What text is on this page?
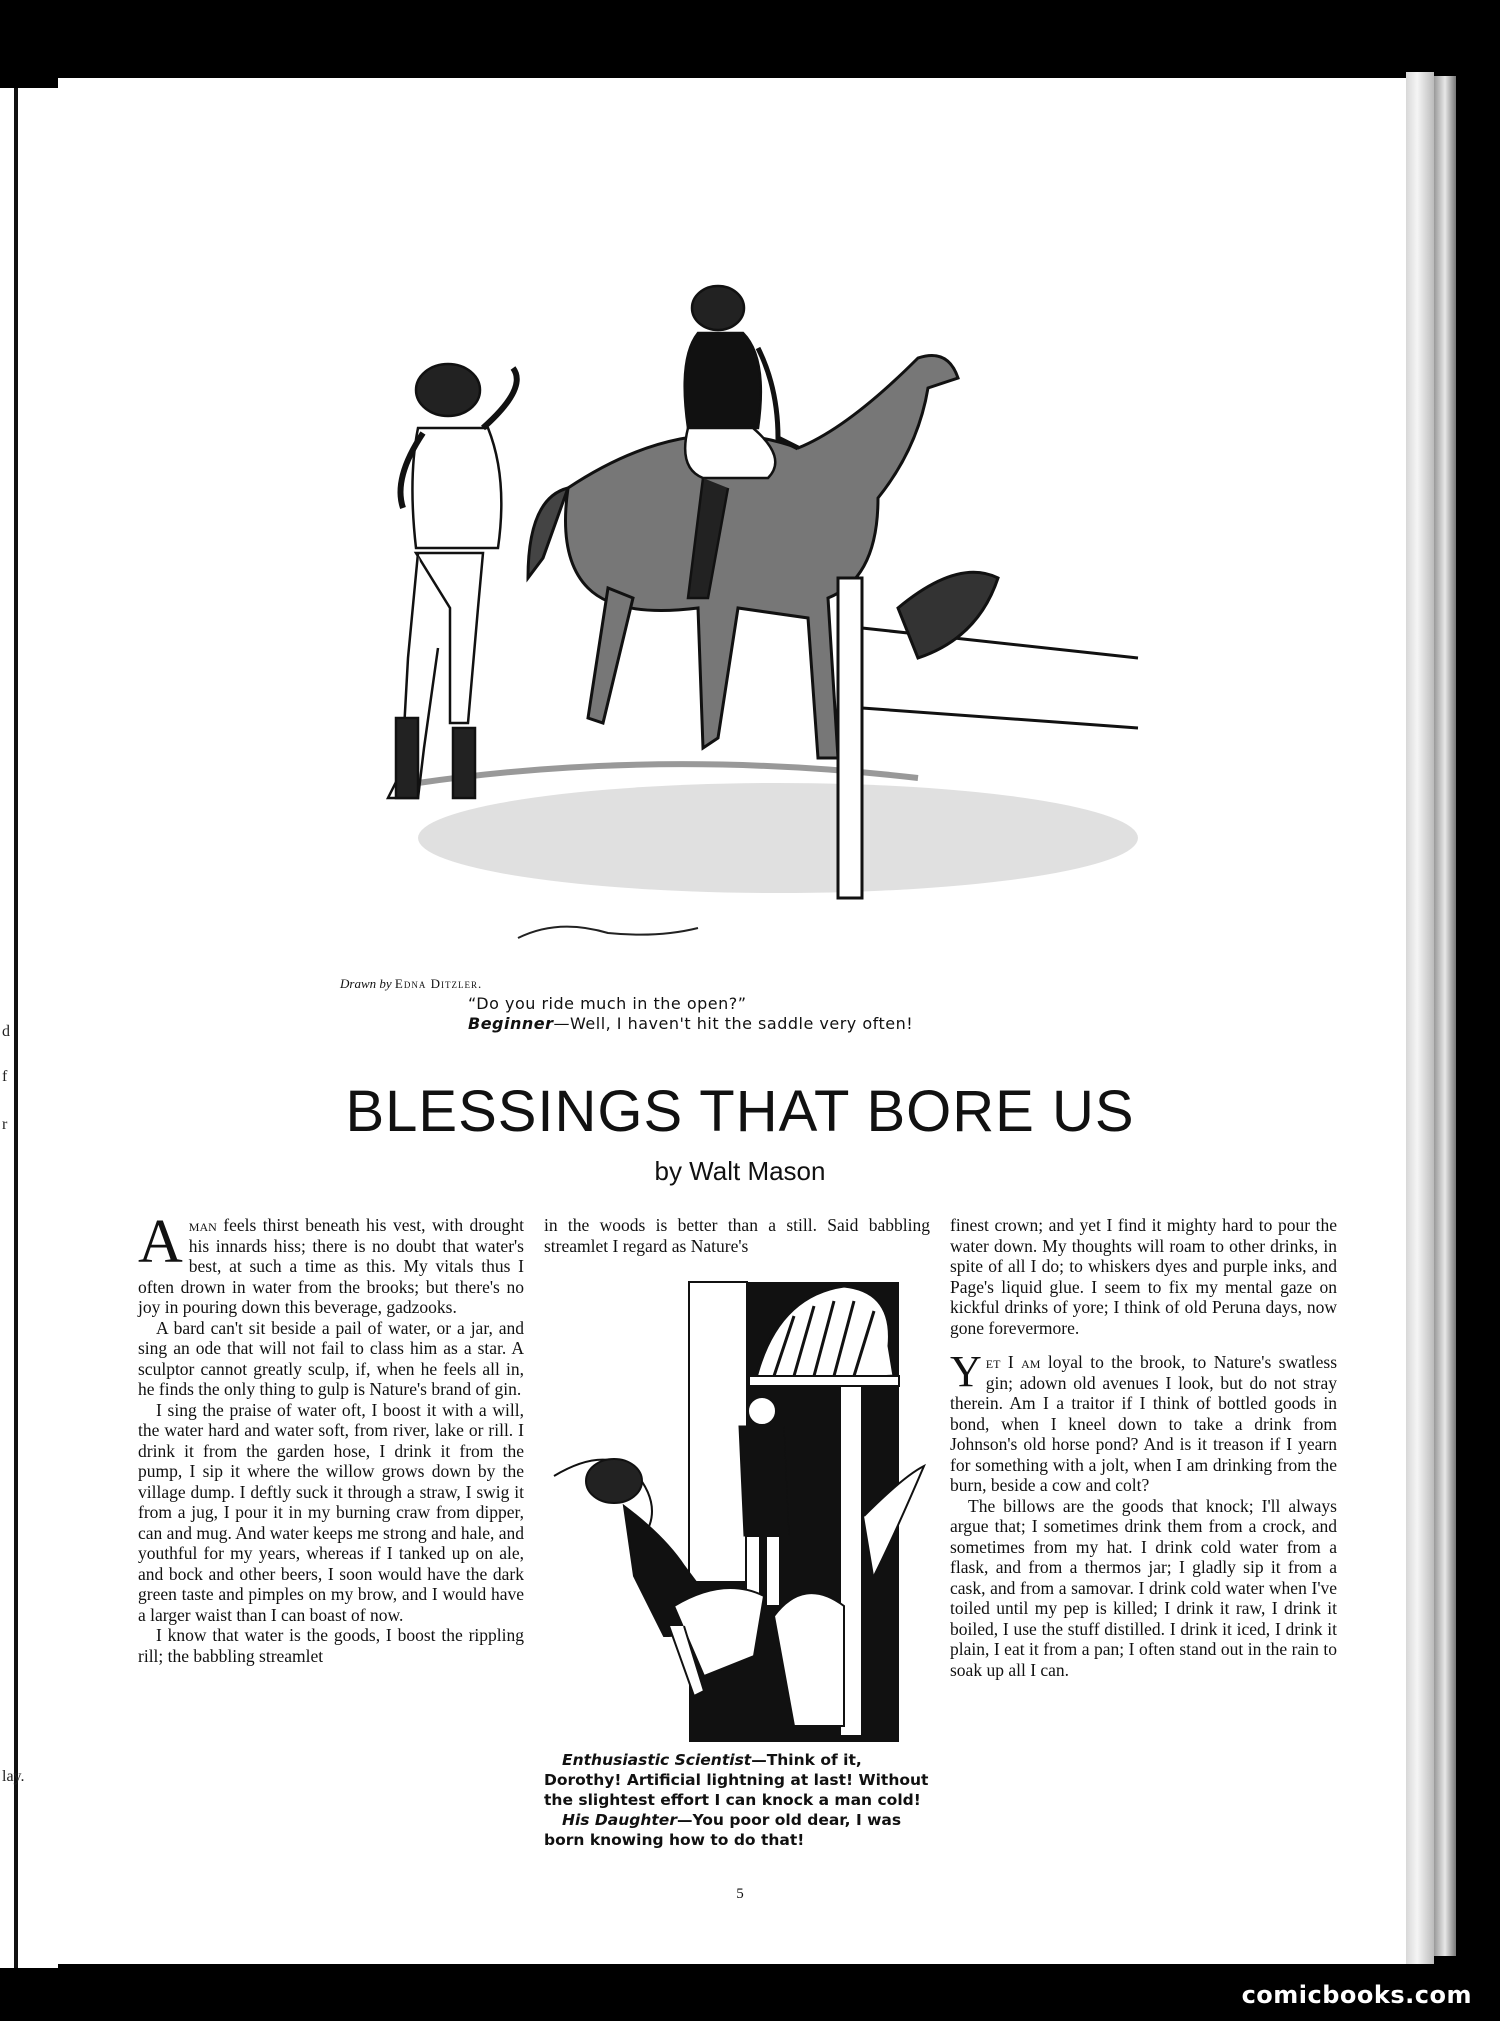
d
f
r
lay.
Drawn by Edna Ditzler.
“Do you ride much in the open?”
Beginner—Well, I haven't hit the saddle very often!
BLESSINGS THAT BORE US
by Walt Mason

Aman feels thirst beneath his vest, with drought his innards hiss; there is no doubt that water's best, at such a time as this. My vitals thus I often drown in water from the brooks; but there's no joy in pouring down this beverage, gadzooks.

A bard can't sit beside a pail of water, or a jar, and sing an ode that will not fail to class him as a star. A sculptor cannot greatly sculp, if, when he feels all in, he finds the only thing to gulp is Nature's brand of gin.

I sing the praise of water oft, I boost it with a will, the water hard and water soft, from river, lake or rill. I drink it from the garden hose, I drink it from the pump, I sip it where the willow grows down by the village dump. I deftly suck it through a straw, I swig it from a jug, I pour it in my burning craw from dipper, can and mug. And water keeps me strong and hale, and youthful for my years, whereas if I tanked up on ale, and bock and other beers, I soon would have the dark green taste and pimples on my brow, and I would have a larger waist than I can boast of now.

I know that water is the goods, I boost the rippling rill; the babbling streamlet

in the woods is better than a still. Said babbling streamlet I regard as Nature's

Enthusiastic Scientist—Think of it, Dorothy! Artificial lightning at last! Without the slightest effort I can knock a man cold!

His Daughter—You poor old dear, I was born knowing how to do that!

finest crown; and yet I find it mighty hard to pour the water down. My thoughts will roam to other drinks, in spite of all I do; to whiskers dyes and purple inks, and Page's liquid glue. I seem to fix my mental gaze on kickful drinks of yore; I think of old Peruna days, now gone forevermore.

Yet I am loyal to the brook, to Nature's swatless gin; adown old avenues I look, but do not stray therein. Am I a traitor if I think of bottled goods in bond, when I kneel down to take a drink from Johnson's old horse pond? And is it treason if I yearn for something with a jolt, when I am drinking from the burn, beside a cow and colt?

The billows are the goods that knock; I'll always argue that; I sometimes drink them from a crock, and sometimes from my hat. I drink cold water from a flask, and from a thermos jar; I gladly sip it from a cask, and from a samovar. I drink cold water when I've toiled until my pep is killed; I drink it raw, I drink it boiled, I use the stuff distilled. I drink it iced, I drink it plain, I eat it from a pan; I often stand out in the rain to soak up all I can.

5
comicbooks.com
